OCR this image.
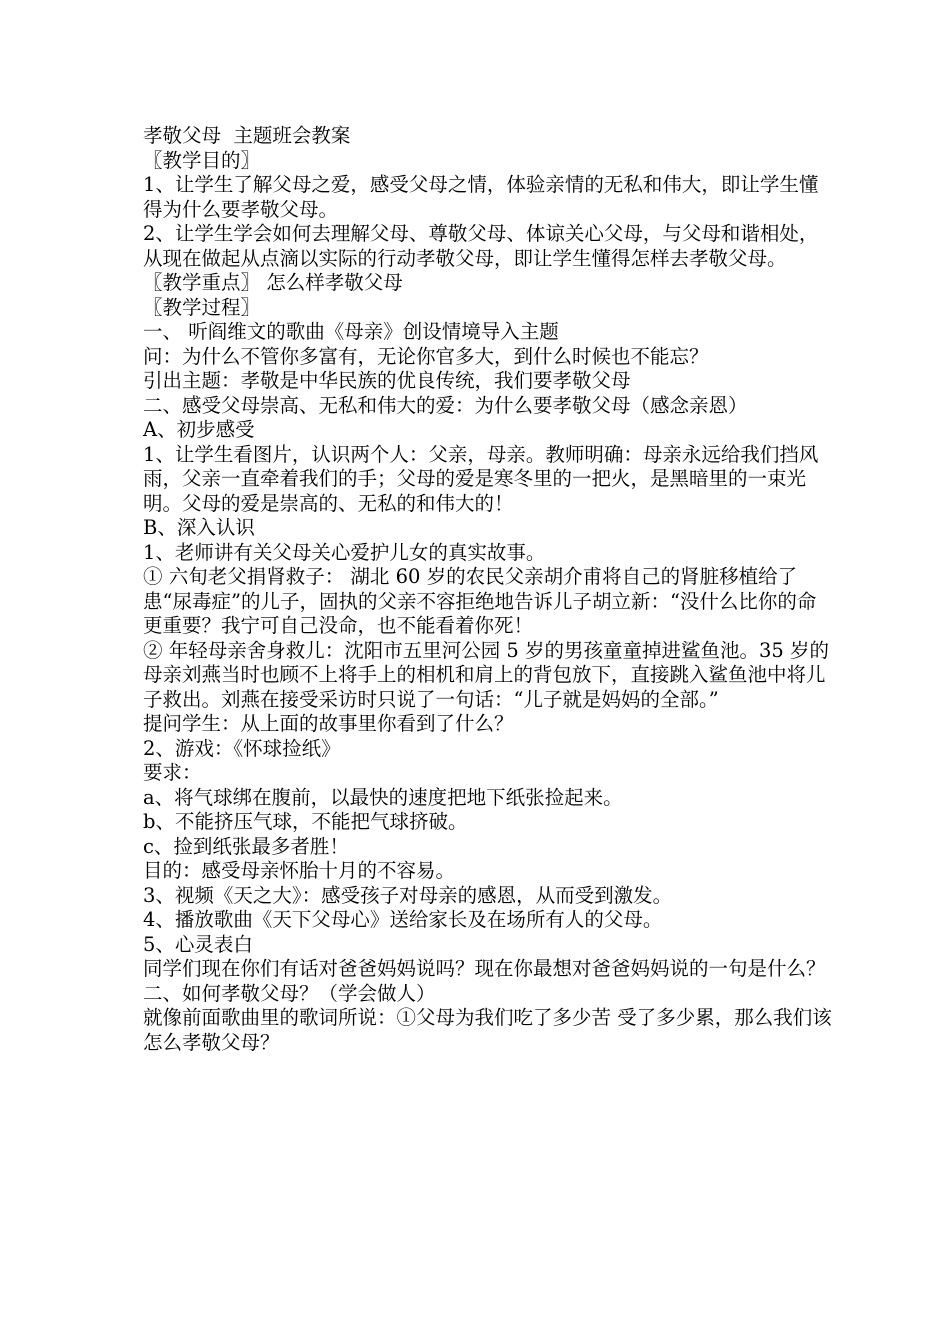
孝敬父母  主题班会教案

〖教学目的〗

1、让学生了解父母之爱，感受父母之情，体验亲情的无私和伟大，即让学生懂得为什么要孝敬父母。

2、让学生学会如何去理解父母、尊敬父母、体谅关心父母，与父母和谐相处，从现在做起从点滴以实际的行动孝敬父母，即让学生懂得怎样去孝敬父母。

〖教学重点〗 怎么样孝敬父母

〖教学过程〗

一、 听阎维文的歌曲《母亲》创设情境导入主题

问：为什么不管你多富有，无论你官多大，到什么时候也不能忘？

引出主题：孝敬是中华民族的优良传统，我们要孝敬父母

二、感受父母崇高、无私和伟大的爱：为什么要孝敬父母（感念亲恩）

A、初步感受

1、让学生看图片，认识两个人：父亲，母亲。教师明确：母亲永远给我们挡风雨，父亲一直牵着我们的手；父母的爱是寒冬里的一把火，是黑暗里的一束光明。父母的爱是崇高的、无私的和伟大的！

B、深入认识

1、老师讲有关父母关心爱护儿女的真实故事。

① 六旬老父捐肾救子： 湖北 60 岁的农民父亲胡介甫将自己的肾脏移植给了患“尿毒症”的儿子，固执的父亲不容拒绝地告诉儿子胡立新：“没什么比你的命更重要？我宁可自己没命，也不能看着你死！

② 年轻母亲舍身救儿：沈阳市五里河公园 5 岁的男孩童童掉进鲨鱼池。35 岁的母亲刘燕当时也顾不上将手上的相机和肩上的背包放下，直接跳入鲨鱼池中将儿子救出。刘燕在接受采访时只说了一句话：“儿子就是妈妈的全部。”

提问学生：从上面的故事里你看到了什么？

2、游戏：《怀球捡纸》

要求：

a、将气球绑在腹前，以最快的速度把地下纸张捡起来。

b、不能挤压气球，不能把气球挤破。

c、捡到纸张最多者胜！

目的：感受母亲怀胎十月的不容易。

3、视频《天之大》：感受孩子对母亲的感恩，从而受到激发。

4、播放歌曲《天下父母心》送给家长及在场所有人的父母。

5、心灵表白

同学们现在你们有话对爸爸妈妈说吗？现在你最想对爸爸妈妈说的一句是什么？

二、如何孝敬父母？（学会做人）

就像前面歌曲里的歌词所说：①父母为我们吃了多少苦 受了多少累，那么我们该怎么孝敬父母？
